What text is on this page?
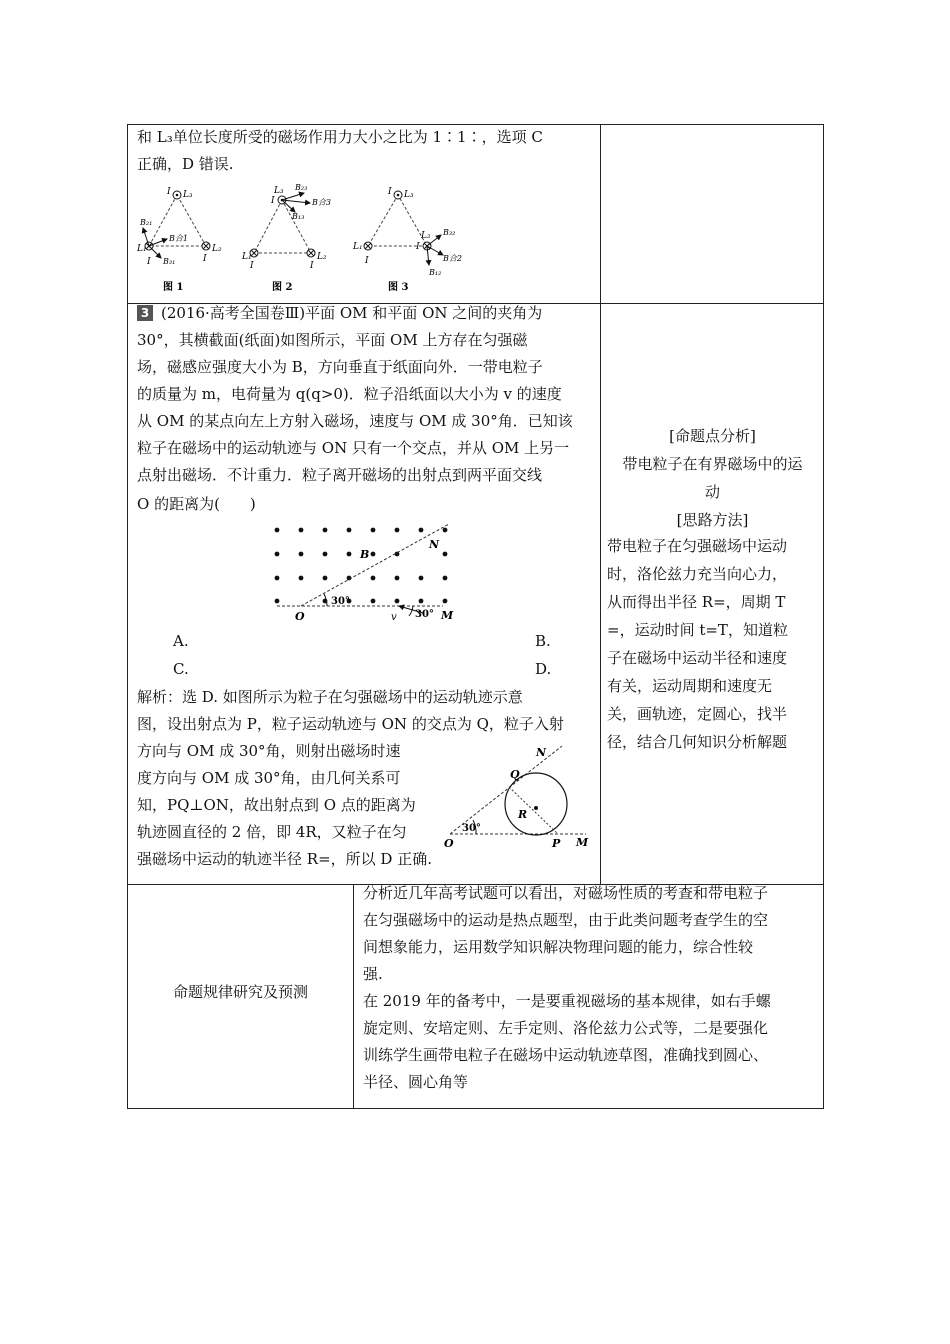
和 L₃单位长度所受的磁场作用力大小之比为 1∶1∶，选项 C
正确，D 错误.
I L₃
B₂₁
B合1
L₁
I B₃₁
L₂
I
图 1
L₃
I
B₂₃
B合3
B₁₃
L₁
I
L₂
I
图 2
I L₃
L₁
I
L₂ B₃₂
B合2
I
B₁₂
图 3
3 (2016·高考全国卷Ⅲ)平面 OM 和平面 ON 之间的夹角为
30°，其横截面(纸面)如图所示，平面 OM 上方存在匀强磁
场，磁感应强度大小为 B，方向垂直于纸面向外．一带电粒子
的质量为 m，电荷量为 q(q>0)．粒子沿纸面以大小为 v 的速度
从 OM 的某点向左上方射入磁场，速度与 OM 成 30°角．已知该
粒子在磁场中的运动轨迹与 ON 只有一个交点，并从 OM 上另一
点射出磁场．不计重力．粒子离开磁场的出射点到两平面交线
O 的距离为(　　)
B
N
30°
O	v 30° M
A.	B.
C.	D.
解析：选 D. 如图所示为粒子在匀强磁场中的运动轨迹示意
图，设出射点为 P，粒子运动轨迹与 ON 的交点为 Q，粒子入射
方向与 OM 成 30°角，则射出磁场时速
度方向与 OM 成 30°角，由几何关系可
知，PQ⊥ON，故出射点到 O 点的距离为
轨迹圆直径的 2 倍，即 4R，又粒子在匀
强磁场中运动的轨迹半径 R=，所以 D 正确.
N
Q
R
30°
O	P M
[命题点分析]
带电粒子在有界磁场中的运
动
[思路方法]
带电粒子在匀强磁场中运动
时，洛伦兹力充当向心力，
从而得出半径 R=，周期 T
=，运动时间 t=T，知道粒
子在磁场中运动半径和速度
有关，运动周期和速度无
关，画轨迹，定圆心，找半
径，结合几何知识分析解题
命题规律研究及预测
分析近几年高考试题可以看出，对磁场性质的考查和带电粒子
在匀强磁场中的运动是热点题型，由于此类问题考查学生的空
间想象能力，运用数学知识解决物理问题的能力，综合性较
强.
在 2019 年的备考中，一是要重视磁场的基本规律，如右手螺
旋定则、安培定则、左手定则、洛伦兹力公式等，二是要强化
训练学生画带电粒子在磁场中运动轨迹草图，准确找到圆心、
半径、圆心角等
